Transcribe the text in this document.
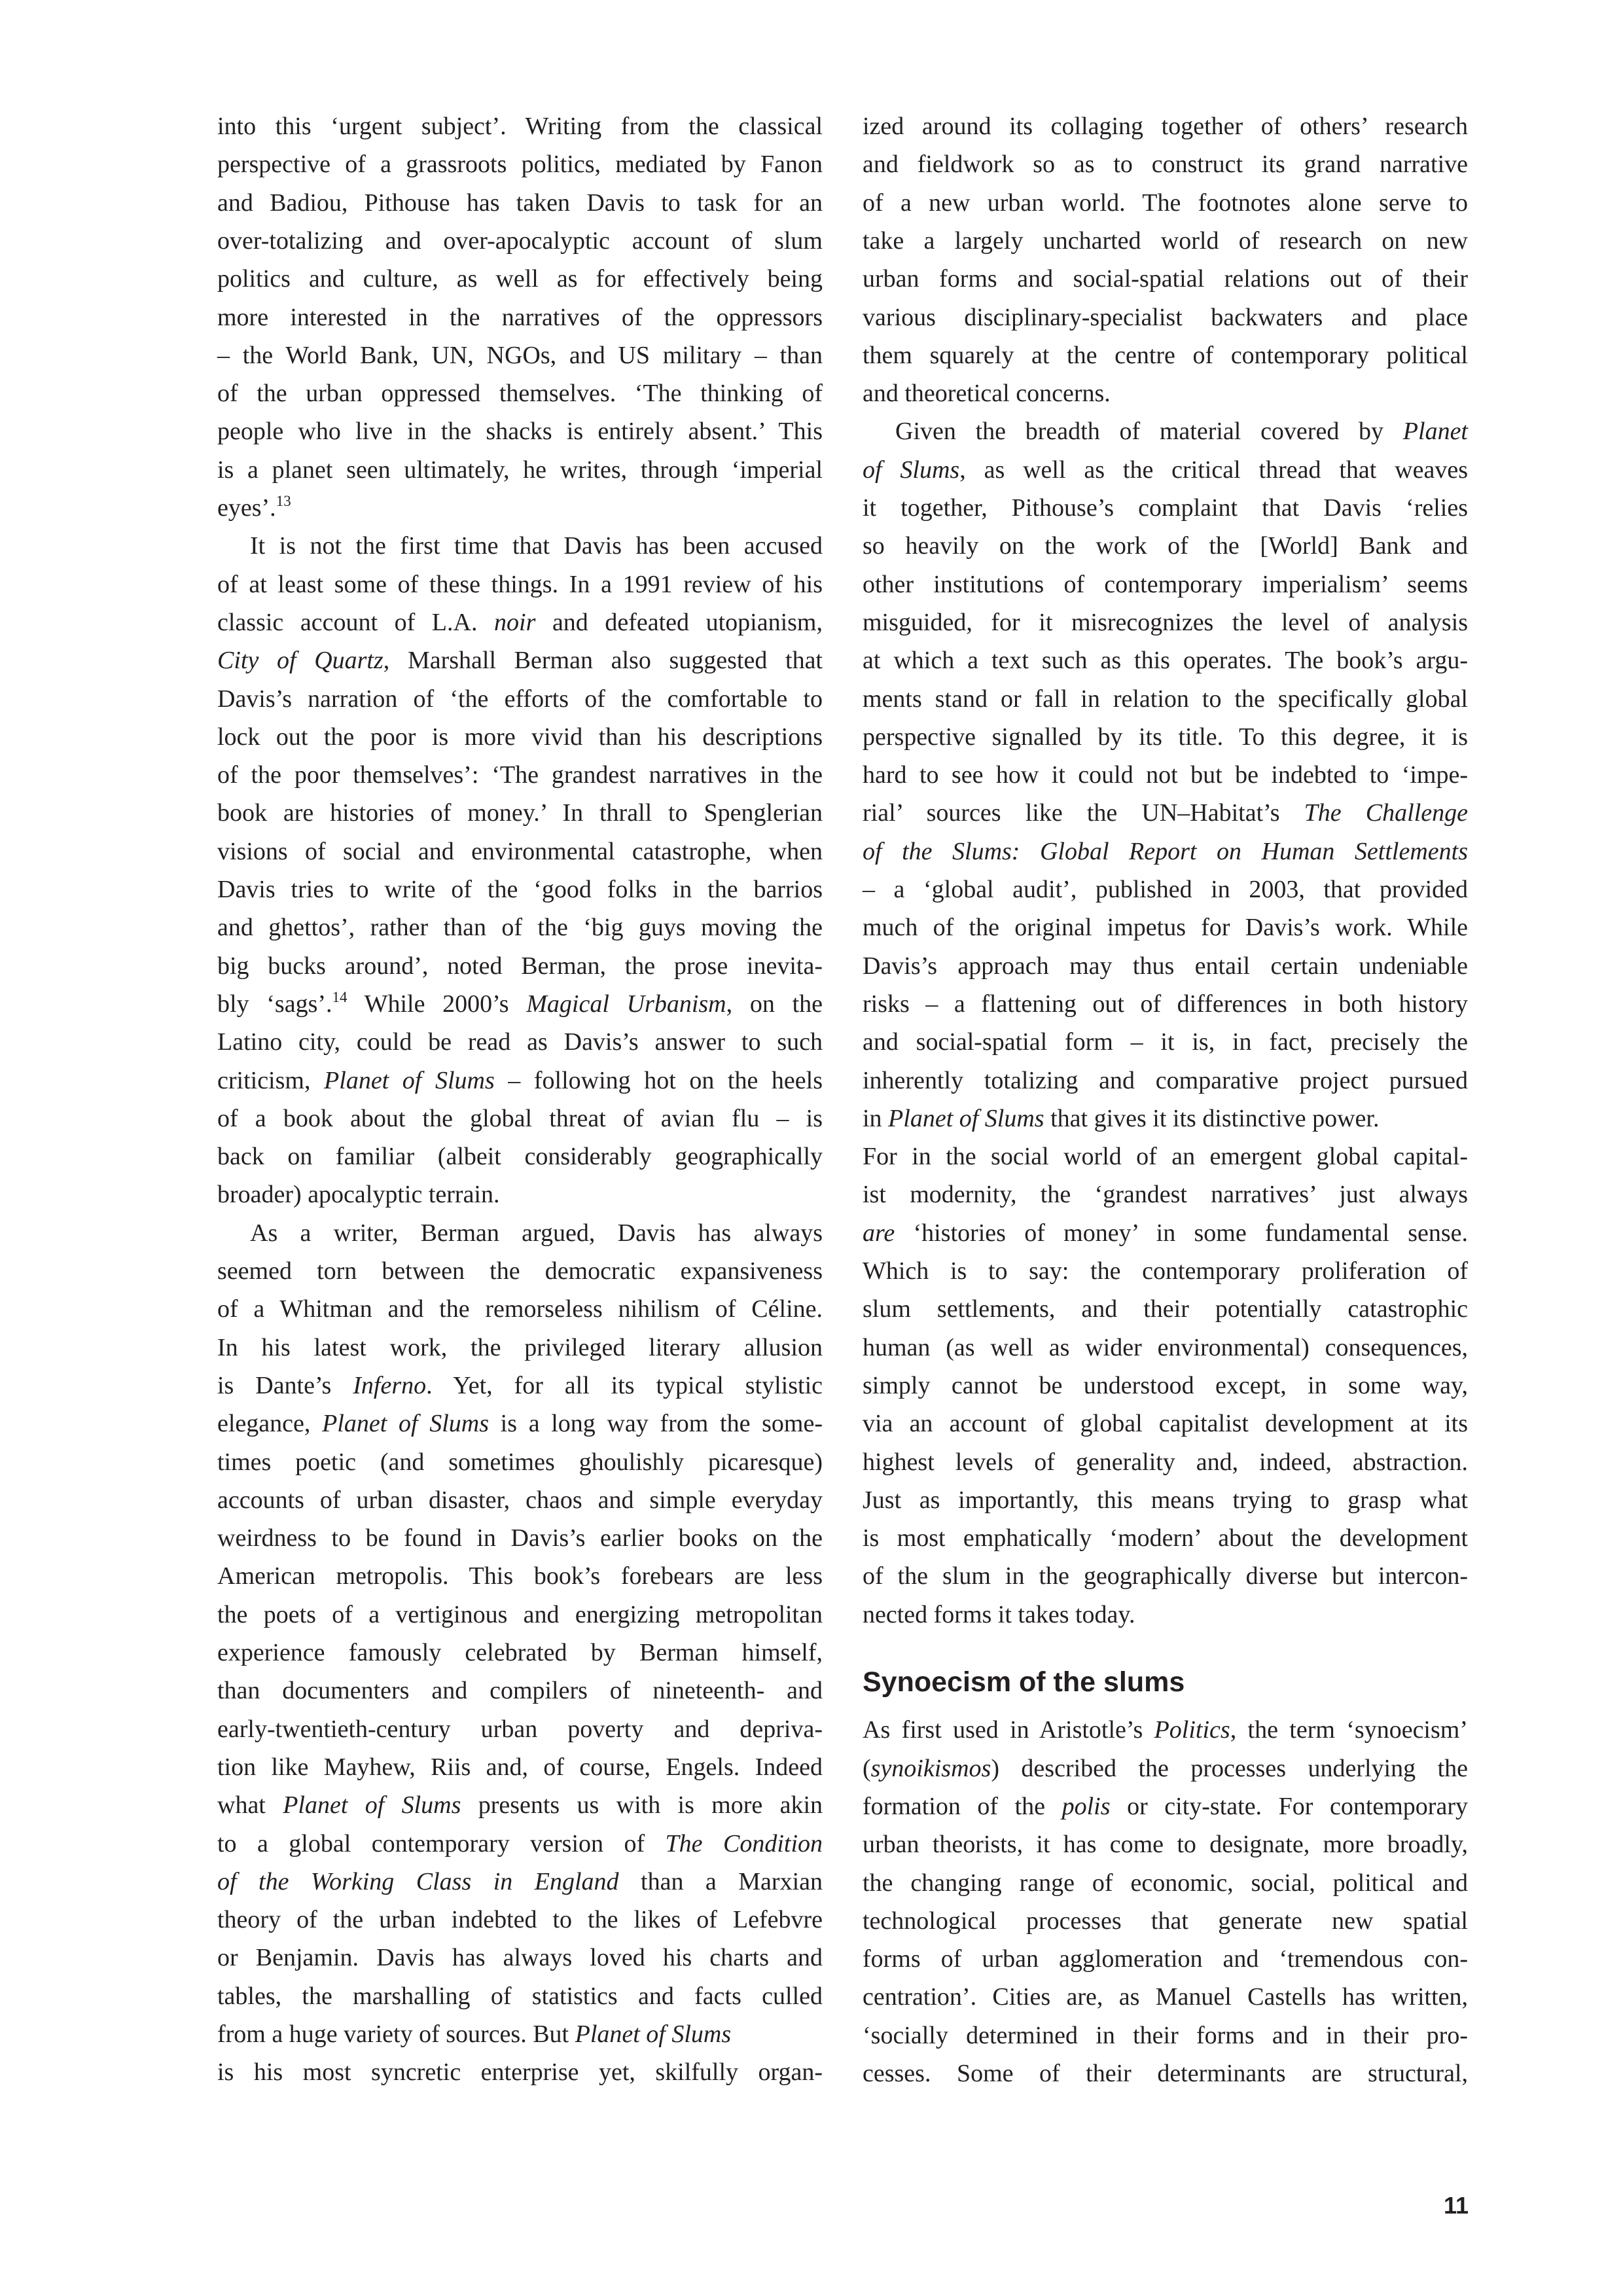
into this ‘urgent subject’. Writing from the classical
perspective of a grassroots politics, mediated by Fanon
and Badiou, Pithouse has taken Davis to task for an
over-totalizing and over-apocalyptic account of slum
politics and culture, as well as for effectively being
more interested in the narratives of the oppressors
– the World Bank, UN, NGOs, and US military – than
of the urban oppressed themselves. ‘The thinking of
people who live in the shacks is entirely absent.’ This
is a planet seen ultimately, he writes, through ‘imperial
eyes’.$^{13}$
It is not the first time that Davis has been accused
of at least some of these things. In a 1991 review of his
classic account of L.A. noir and defeated utopianism,
City of Quartz, Marshall Berman also suggested that
Davis’s narration of ‘the efforts of the comfortable to
lock out the poor is more vivid than his descriptions
of the poor themselves’: ‘The grandest narratives in the
book are histories of money.’ In thrall to Spenglerian
visions of social and environmental catastrophe, when
Davis tries to write of the ‘good folks in the barrios
and ghettos’, rather than of the ‘big guys moving the
big bucks around’, noted Berman, the prose inevita-
bly ‘sags’.$^{14}$ While 2000’s Magical Urbanism, on the
Latino city, could be read as Davis’s answer to such
criticism, Planet of Slums – following hot on the heels
of a book about the global threat of avian flu – is
back on familiar (albeit considerably geographically
broader) apocalyptic terrain.
As a writer, Berman argued, Davis has always
seemed torn between the democratic expansiveness
of a Whitman and the remorseless nihilism of Céline.
In his latest work, the privileged literary allusion
is Dante’s Inferno. Yet, for all its typical stylistic
elegance, Planet of Slums is a long way from the some-
times poetic (and sometimes ghoulishly picaresque)
accounts of urban disaster, chaos and simple everyday
weirdness to be found in Davis’s earlier books on the
American metropolis. This book’s forebears are less
the poets of a vertiginous and energizing metropolitan
experience famously celebrated by Berman himself,
than documenters and compilers of nineteenth- and
early-twentieth-century urban poverty and depriva-
tion like Mayhew, Riis and, of course, Engels. Indeed
what Planet of Slums presents us with is more akin
to a global contemporary version of The Condition
of the Working Class in England than a Marxian
theory of the urban indebted to the likes of Lefebvre
or Benjamin. Davis has always loved his charts and
tables, the marshalling of statistics and facts culled
from a huge variety of sources. But Planet of Slums
is his most syncretic enterprise yet, skilfully organ-
Synoecism of the slums
ized around its collaging together of others’ research
and fieldwork so as to construct its grand narrative
of a new urban world. The footnotes alone serve to
take a largely uncharted world of research on new
urban forms and social-spatial relations out of their
various disciplinary-specialist backwaters and place
them squarely at the centre of contemporary political
and theoretical concerns.
Given the breadth of material covered by Planet
of Slums, as well as the critical thread that weaves
it together, Pithouse’s complaint that Davis ‘relies
so heavily on the work of the [World] Bank and
other institutions of contemporary imperialism’ seems
misguided, for it misrecognizes the level of analysis
at which a text such as this operates. The book’s argu-
ments stand or fall in relation to the specifically global
perspective signalled by its title. To this degree, it is
hard to see how it could not but be indebted to ‘impe-
rial’ sources like the UN–Habitat’s The Challenge
of the Slums: Global Report on Human Settlements
– a ‘global audit’, published in 2003, that provided
much of the original impetus for Davis’s work. While
Davis’s approach may thus entail certain undeniable
risks – a flattening out of differences in both history
and social-spatial form – it is, in fact, precisely the
inherently totalizing and comparative project pursued
in Planet of Slums that gives it its distinctive power.
For in the social world of an emergent global capital-
ist modernity, the ‘grandest narratives’ just always
are ‘histories of money’ in some fundamental sense.
Which is to say: the contemporary proliferation of
slum settlements, and their potentially catastrophic
human (as well as wider environmental) consequences,
simply cannot be understood except, in some way,
via an account of global capitalist development at its
highest levels of generality and, indeed, abstraction.
Just as importantly, this means trying to grasp what
is most emphatically ‘modern’ about the development
of the slum in the geographically diverse but intercon-
nected forms it takes today.
As first used in Aristotle’s Politics, the term ‘synoecism’
(synoikismos) described the processes underlying the
formation of the polis or city-state. For contemporary
urban theorists, it has come to designate, more broadly,
the changing range of economic, social, political and
technological processes that generate new spatial
forms of urban agglomeration and ‘tremendous con-
centration’. Cities are, as Manuel Castells has written,
‘socially determined in their forms and in their pro-
cesses. Some of their determinants are structural,
11
